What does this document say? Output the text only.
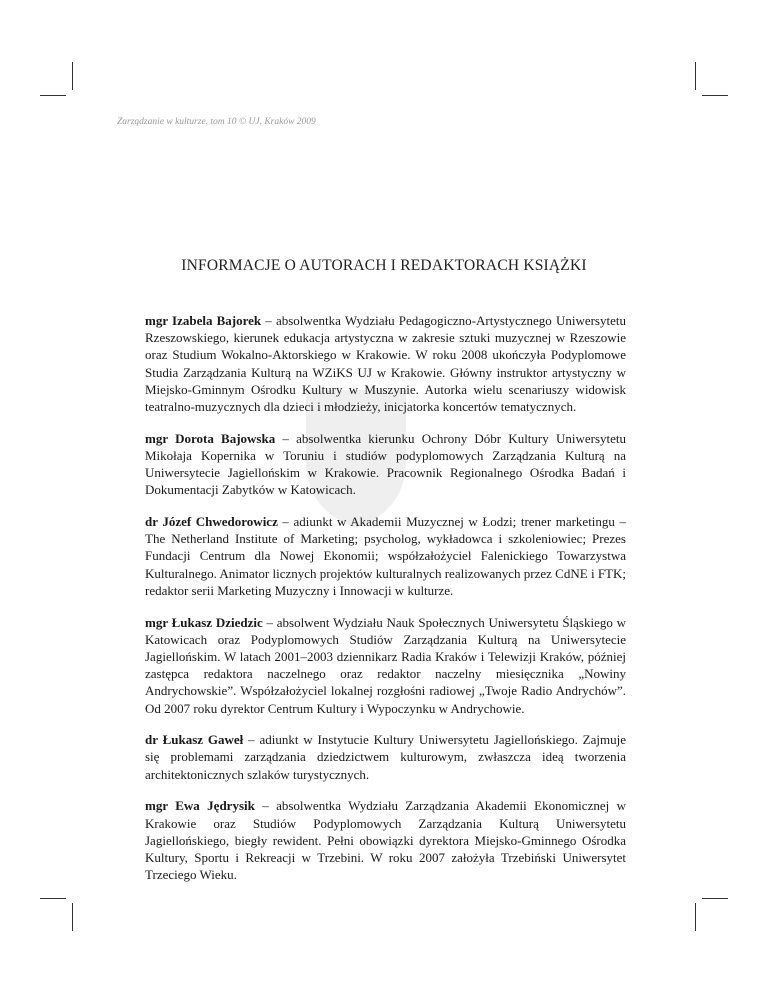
Zarządzanie w kulturze, tom 10 © UJ, Kraków 2009
INFORMACJE O AUTORACH I REDAKTORACH KSIĄŻKI

mgr Izabela Bajorek – absolwentka Wydziału Pedagogiczno-Artystycznego Uniwersytetu Rzeszowskiego, kierunek edukacja artystyczna w zakresie sztuki muzycznej w Rzeszowie oraz Studium Wokalno-Aktorskiego w Krakowie. W roku 2008 ukończyła Podyplomowe Studia Zarządzania Kulturą na WZiKS UJ w Krakowie. Główny instruktor artystyczny w Miejsko-Gminnym Ośrodku Kultury w Muszynie. Autorka wielu scenariuszy widowisk teatralno-muzycznych dla dzieci i młodzieży, inicjatorka koncertów tematycznych.

mgr Dorota Bajowska – absolwentka kierunku Ochrony Dóbr Kultury Uniwersytetu Mikołaja Kopernika w Toruniu i studiów podyplomowych Zarządzania Kulturą na Uniwersytecie Jagiellońskim w Krakowie. Pracownik Regionalnego Ośrodka Badań i Dokumentacji Zabytków w Katowicach.

dr Józef Chwedorowicz – adiunkt w Akademii Muzycznej w Łodzi; trener marketingu – The Netherland Institute of Marketing; psycholog, wykładowca i szkoleniowiec; Prezes Fundacji Centrum dla Nowej Ekonomii; współzałożyciel Falenickiego Towarzystwa Kulturalnego. Animator licznych projektów kulturalnych realizowanych przez CdNE i FTK; redaktor serii Marketing Muzyczny i Innowacji w kulturze.

mgr Łukasz Dziedzic – absolwent Wydziału Nauk Społecznych Uniwersytetu Śląskiego w Katowicach oraz Podyplomowych Studiów Zarządzania Kulturą na Uniwersytecie Jagiellońskim. W latach 2001–2003 dziennikarz Radia Kraków i Telewizji Kraków, później zastępca redaktora naczelnego oraz redaktor naczelny miesięcznika „Nowiny Andrychowskie”. Współzałożyciel lokalnej rozgłośni radiowej „Twoje Radio Andrychów”. Od 2007 roku dyrektor Centrum Kultury i Wypoczynku w Andrychowie.

dr Łukasz Gaweł – adiunkt w Instytucie Kultury Uniwersytetu Jagiellońskiego. Zajmuje się problemami zarządzania dziedzictwem kulturowym, zwłaszcza ideą tworzenia architektonicznych szlaków turystycznych.

mgr Ewa Jędrysik – absolwentka Wydziału Zarządzania Akademii Ekonomicznej w Krakowie oraz Studiów Podyplomowych Zarządzania Kulturą Uniwersytetu Jagiellońskiego, biegły rewident. Pełni obowiązki dyrektora Miejsko-Gminnego Ośrodka Kultury, Sportu i Rekreacji w Trzebini. W roku 2007 założyła Trzebiński Uniwersytet Trzeciego Wieku.
